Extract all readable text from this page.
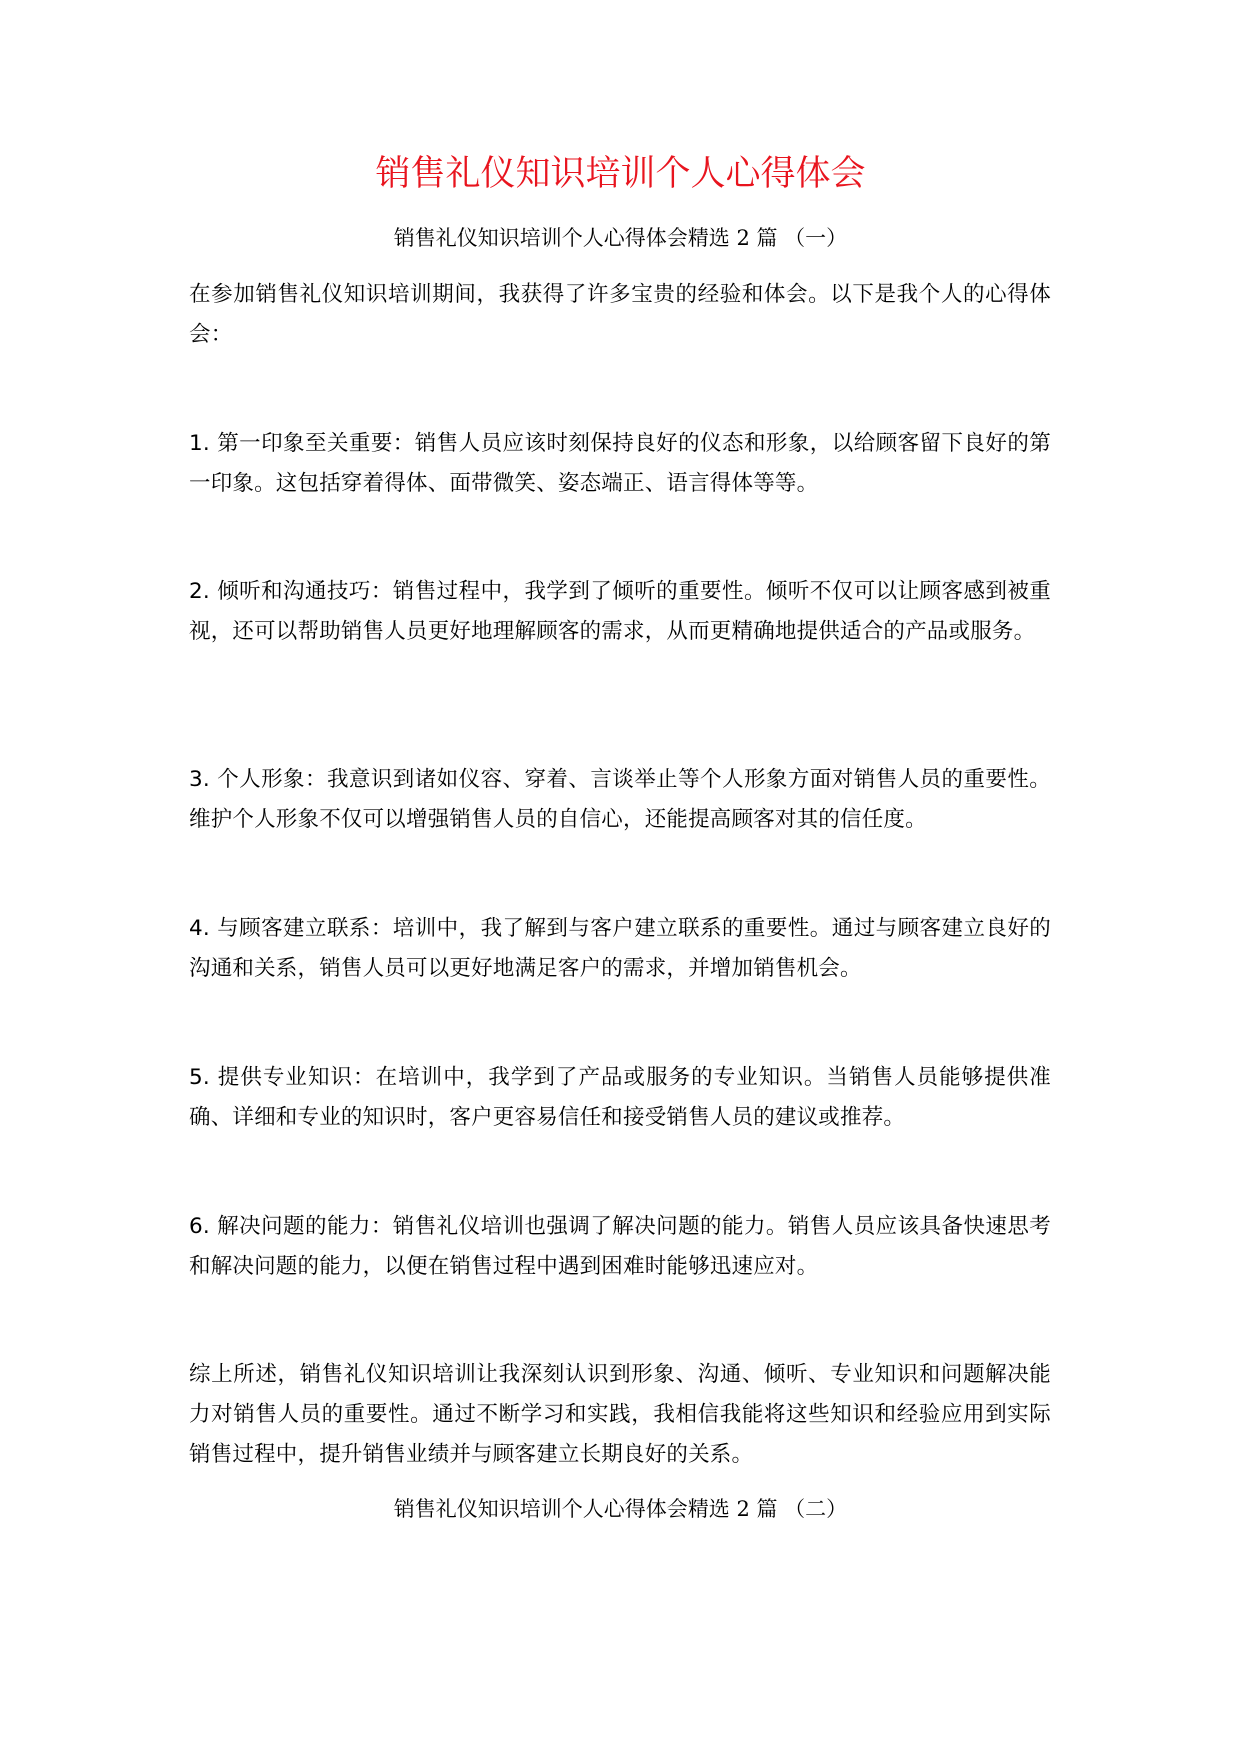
销售礼仪知识培训个人心得体会

销售礼仪知识培训个人心得体会精选 2 篇 （一）

在参加销售礼仪知识培训期间，我获得了许多宝贵的经验和体会。以下是我个人的心得体会：

1. 第一印象至关重要：销售人员应该时刻保持良好的仪态和形象，以给顾客留下良好的第一印象。这包括穿着得体、面带微笑、姿态端正、语言得体等等。

2. 倾听和沟通技巧：销售过程中，我学到了倾听的重要性。倾听不仅可以让顾客感到被重视，还可以帮助销售人员更好地理解顾客的需求，从而更精确地提供适合的产品或服务。

3. 个人形象：我意识到诸如仪容、穿着、言谈举止等个人形象方面对销售人员的重要性。维护个人形象不仅可以增强销售人员的自信心，还能提高顾客对其的信任度。

4. 与顾客建立联系：培训中，我了解到与客户建立联系的重要性。通过与顾客建立良好的沟通和关系，销售人员可以更好地满足客户的需求，并增加销售机会。

5. 提供专业知识：在培训中，我学到了产品或服务的专业知识。当销售人员能够提供准确、详细和专业的知识时，客户更容易信任和接受销售人员的建议或推荐。

6. 解决问题的能力：销售礼仪培训也强调了解决问题的能力。销售人员应该具备快速思考和解决问题的能力，以便在销售过程中遇到困难时能够迅速应对。

综上所述，销售礼仪知识培训让我深刻认识到形象、沟通、倾听、专业知识和问题解决能力对销售人员的重要性。通过不断学习和实践，我相信我能将这些知识和经验应用到实际销售过程中，提升销售业绩并与顾客建立长期良好的关系。

销售礼仪知识培训个人心得体会精选 2 篇 （二）
